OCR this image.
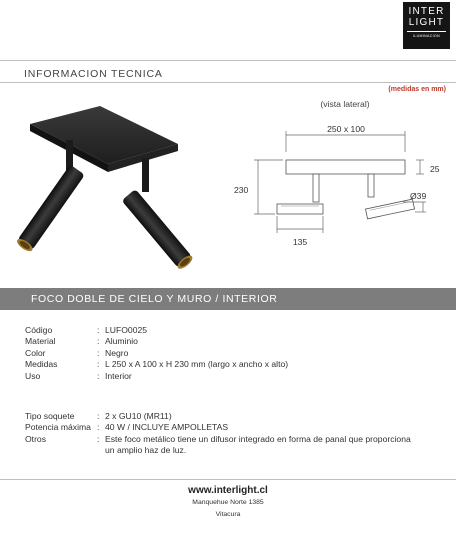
INTER
LIGHT
ILUMINACION
INFORMACION TECNICA
(medidas en mm)
(vista lateral)
250 x 100
25
230
Ø39
135
FOCO DOBLE DE CIELO Y MURO / INTERIOR
Código	: LUFO0025
Material	: Aluminio
Color	: Negro
Medidas	: L 250 x A 100 x H 230 mm (largo x ancho x alto)
Uso	: Interior
Tipo soquete	: 2 x GU10 (MR11)
Potencia máxima : 40 W / INCLUYE AMPOLLETAS
Otros	: Este foco metálico tiene un difusor integrado en forma de panal que proporciona
un amplio haz de luz.
www.interlight.cl
Manquehue Norte 1385
Vitacura
